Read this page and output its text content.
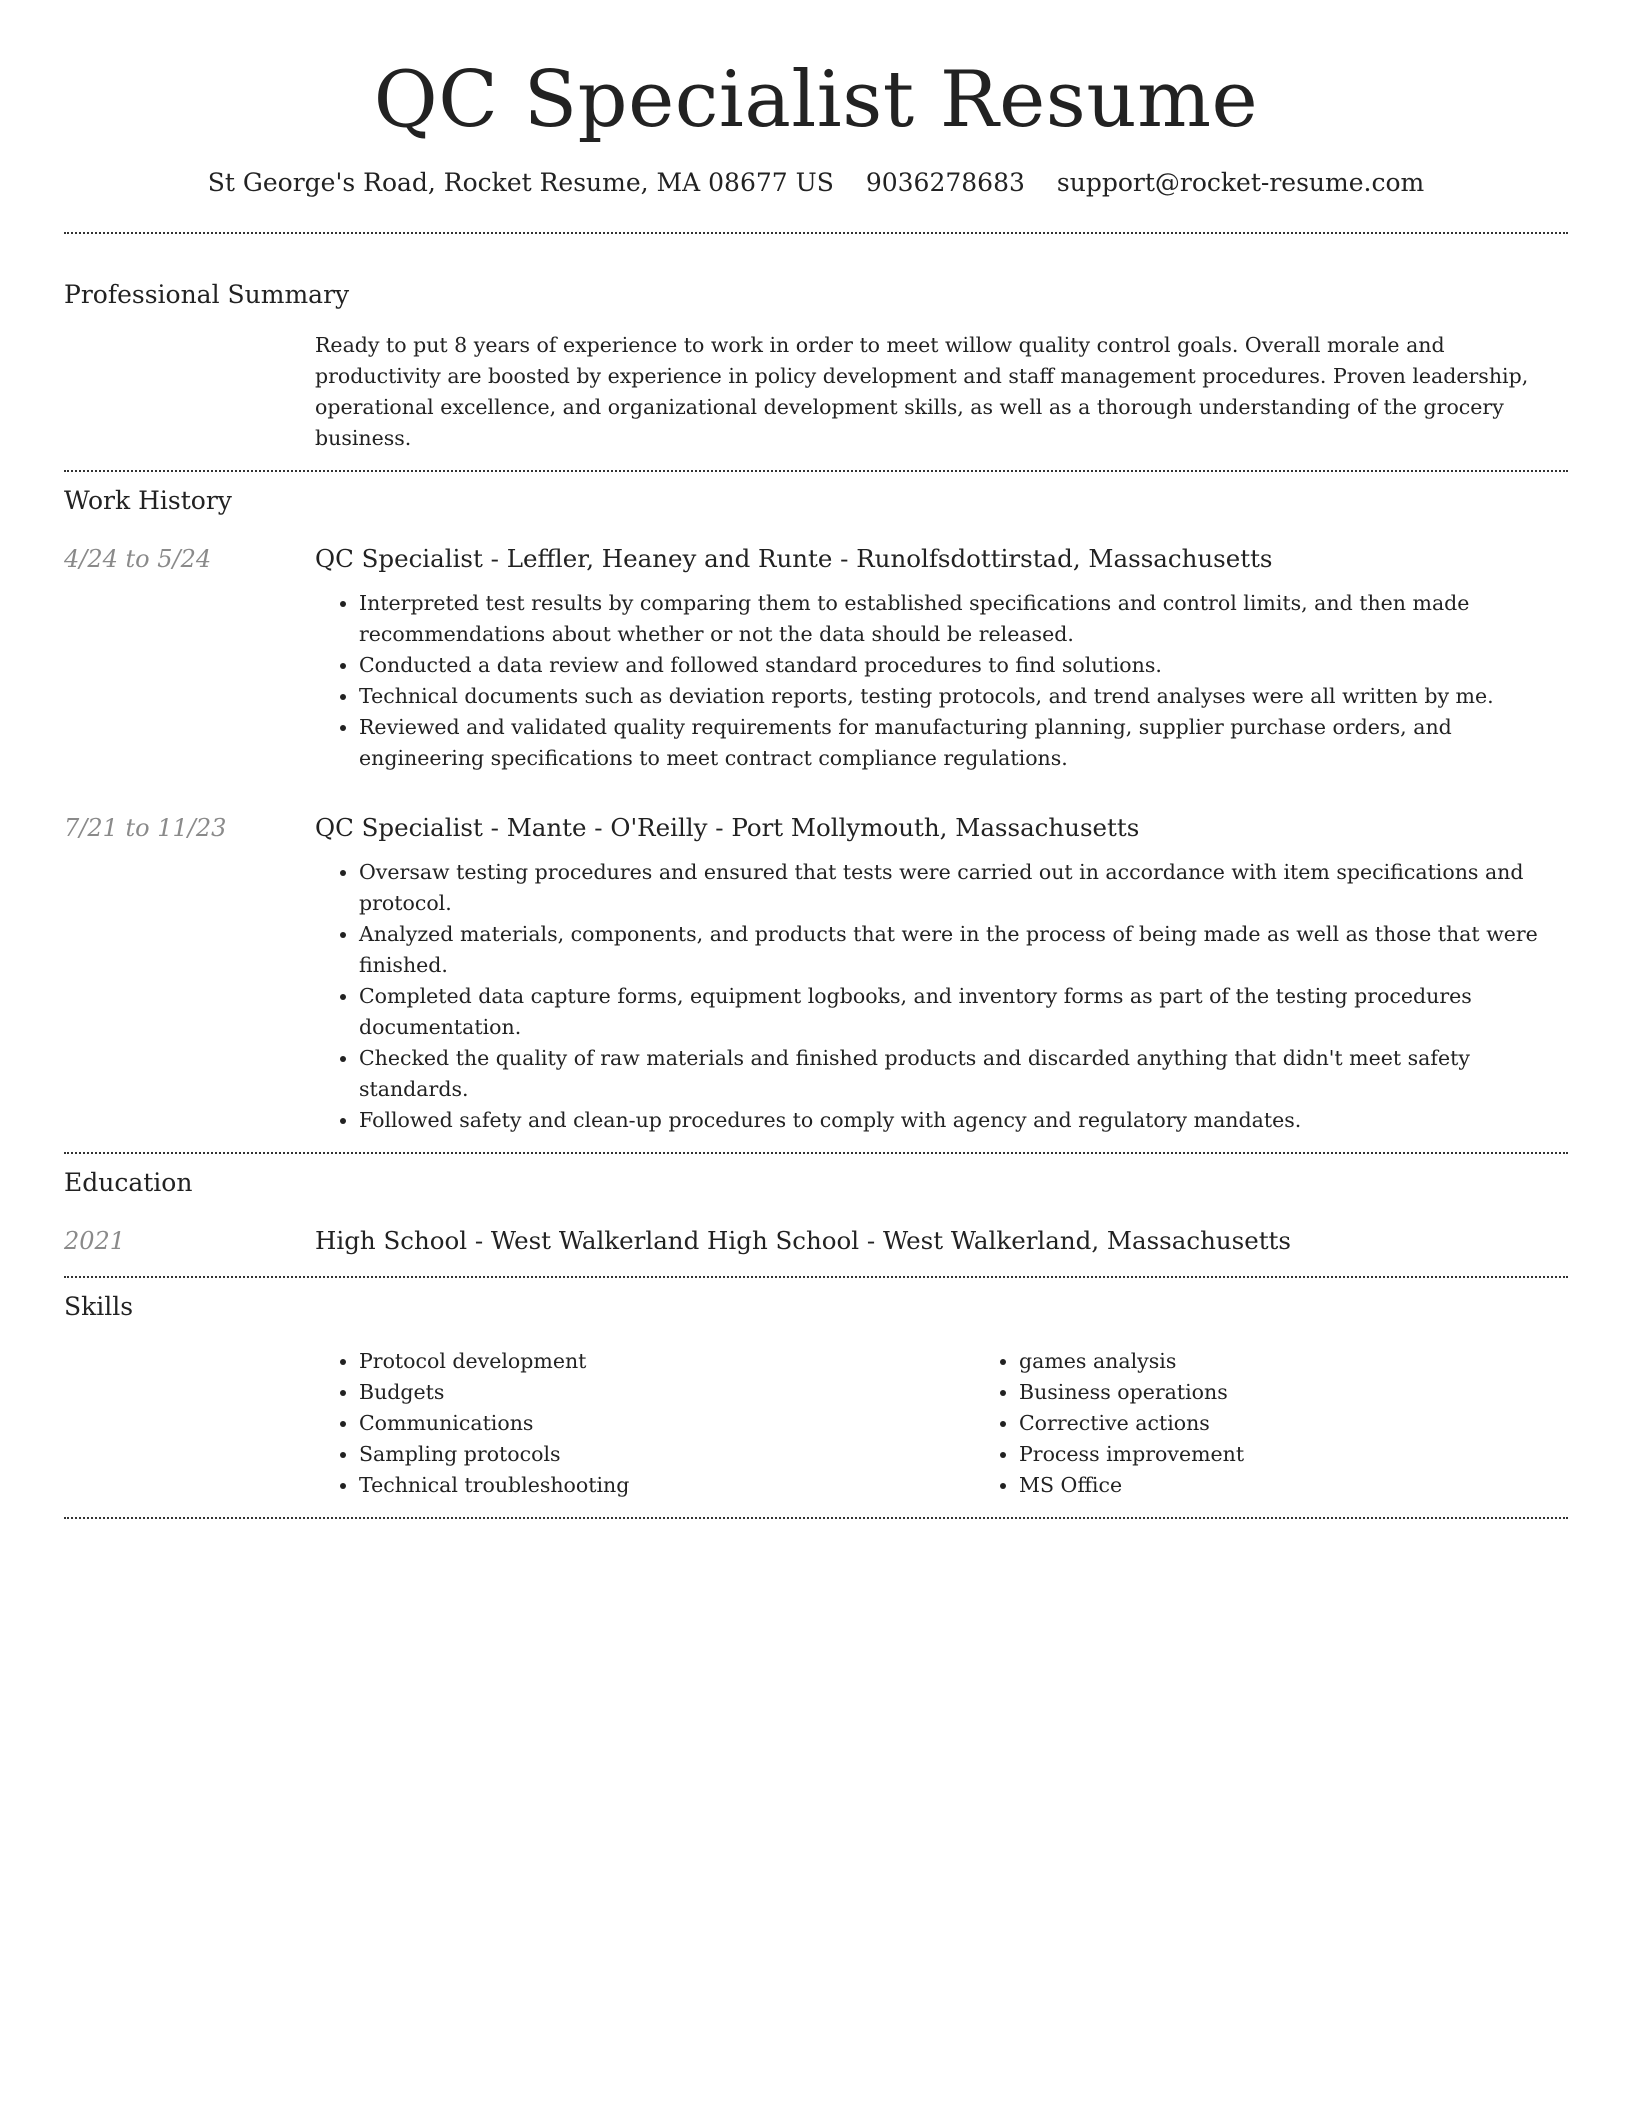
QC Specialist Resume
St George's Road, Rocket Resume, MA 08677 US 9036278683 support@rocket-resume.com
Professional Summary
Ready to put 8 years of experience to work in order to meet willow quality control goals. Overall morale and productivity are boosted by experience in policy development and staff management procedures. Proven leadership, operational excellence, and organizational development skills, as well as a thorough understanding of the grocery business.
Work History
4/24 to 5/24	QC Specialist - Leffler, Heaney and Runte - Runolfsdottirstad, Massachusetts
• Interpreted test results by comparing them to established specifications and control limits, and then made recommendations about whether or not the data should be released.
• Conducted a data review and followed standard procedures to find solutions.
• Technical documents such as deviation reports, testing protocols, and trend analyses were all written by me.
• Reviewed and validated quality requirements for manufacturing planning, supplier purchase orders, and engineering specifications to meet contract compliance regulations.
7/21 to 11/23	QC Specialist - Mante - O'Reilly - Port Mollymouth, Massachusetts
• Oversaw testing procedures and ensured that tests were carried out in accordance with item specifications and protocol.
• Analyzed materials, components, and products that were in the process of being made as well as those that were finished.
• Completed data capture forms, equipment logbooks, and inventory forms as part of the testing procedures documentation.
• Checked the quality of raw materials and finished products and discarded anything that didn't meet safety standards.
• Followed safety and clean-up procedures to comply with agency and regulatory mandates.
Education
2021	High School - West Walkerland High School - West Walkerland, Massachusetts
Skills
• Protocol development
• Budgets
• Communications
• Sampling protocols
• Technical troubleshooting
• games analysis
• Business operations
• Corrective actions
• Process improvement
• MS Office
